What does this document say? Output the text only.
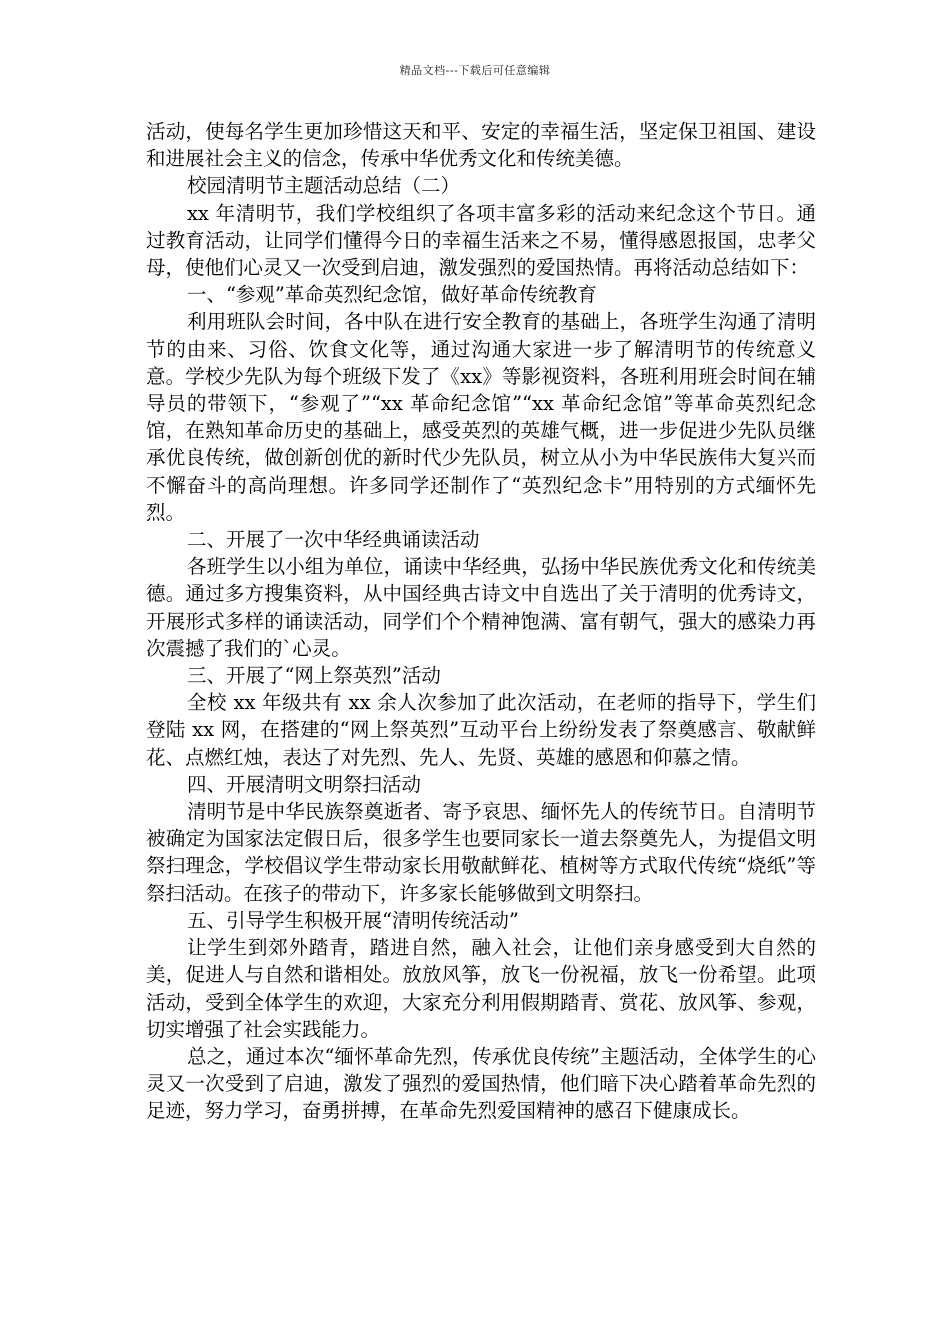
精品文档---下载后可任意编辑

活动，使每名学生更加珍惜这天和平、安定的幸福生活，坚定保卫祖国、建设和进展社会主义的信念，传承中华优秀文化和传统美德。

校园清明节主题活动总结（二）

xx 年清明节，我们学校组织了各项丰富多彩的活动来纪念这个节日。通过教育活动，让同学们懂得今日的幸福生活来之不易，懂得感恩报国，忠孝父母，使他们心灵又一次受到启迪，激发强烈的爱国热情。再将活动总结如下：

一、“参观”革命英烈纪念馆，做好革命传统教育

利用班队会时间，各中队在进行安全教育的基础上，各班学生沟通了清明节的由来、习俗、饮食文化等，通过沟通大家进一步了解清明节的传统意义意。学校少先队为每个班级下发了《xx》等影视资料，各班利用班会时间在辅导员的带领下，“参观了”“xx 革命纪念馆”“xx 革命纪念馆”等革命英烈纪念馆，在熟知革命历史的基础上，感受英烈的英雄气概，进一步促进少先队员继承优良传统，做创新创优的新时代少先队员，树立从小为中华民族伟大复兴而不懈奋斗的高尚理想。许多同学还制作了“英烈纪念卡”用特别的方式缅怀先烈。

二、开展了一次中华经典诵读活动

各班学生以小组为单位，诵读中华经典，弘扬中华民族优秀文化和传统美德。通过多方搜集资料，从中国经典古诗文中自选出了关于清明的优秀诗文，开展形式多样的诵读活动，同学们个个精神饱满、富有朝气，强大的感染力再次震撼了我们的`心灵。

三、开展了“网上祭英烈”活动

全校 xx 年级共有 xx 余人次参加了此次活动，在老师的指导下，学生们登陆 xx 网，在搭建的“网上祭英烈”互动平台上纷纷发表了祭奠感言、敬献鲜花、点燃红烛，表达了对先烈、先人、先贤、英雄的感恩和仰慕之情。

四、开展清明文明祭扫活动

清明节是中华民族祭奠逝者、寄予哀思、缅怀先人的传统节日。自清明节被确定为国家法定假日后，很多学生也要同家长一道去祭奠先人，为提倡文明祭扫理念，学校倡议学生带动家长用敬献鲜花、植树等方式取代传统“烧纸”等祭扫活动。在孩子的带动下，许多家长能够做到文明祭扫。

五、引导学生积极开展“清明传统活动”

让学生到郊外踏青，踏进自然，融入社会，让他们亲身感受到大自然的美，促进人与自然和谐相处。放放风筝，放飞一份祝福，放飞一份希望。此项活动，受到全体学生的欢迎，大家充分利用假期踏青、赏花、放风筝、参观，切实增强了社会实践能力。

总之，通过本次“缅怀革命先烈，传承优良传统”主题活动，全体学生的心灵又一次受到了启迪，激发了强烈的爱国热情，他们暗下决心踏着革命先烈的足迹，努力学习，奋勇拼搏，在革命先烈爱国精神的感召下健康成长。
